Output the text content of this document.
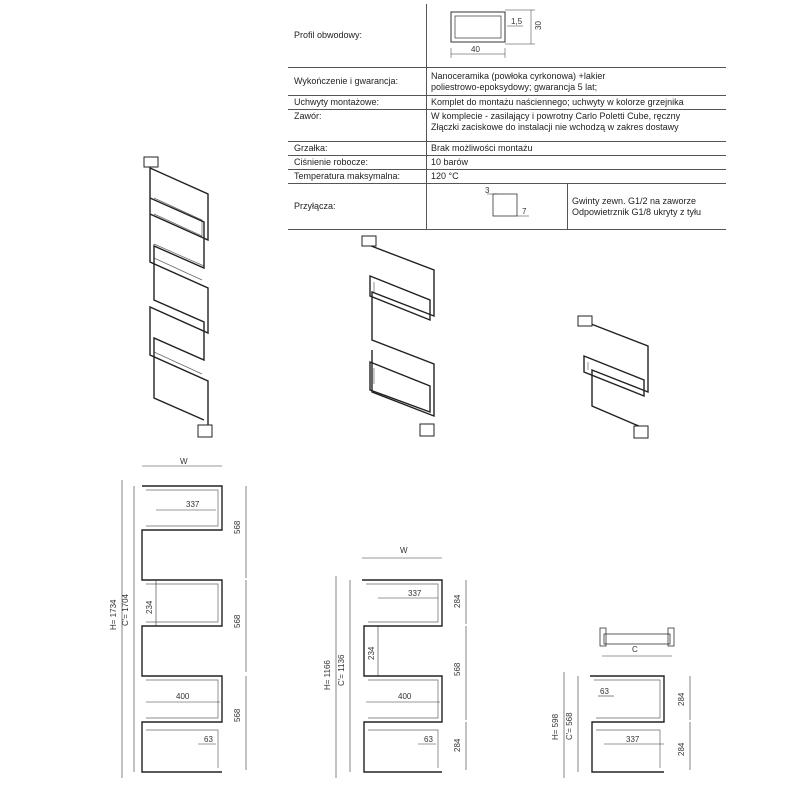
Profil obwodowy:	40
1,5 30	

Wykończenie i gwarancja:	Nanoceramika (powłoka cyrkonowa) +lakier
poliestrowo-epoksydowy; gwarancja 5 lat;	
Uchwyty montażowe:	Komplet do montażu naściennego; uchwyty w kolorze grzejnika	
Zawór:	W komplecie - zasilający i powrotny Carlo Poletti Cube, ręczny
Złączki zaciskowe do instalacji nie wchodzą w zakres dostawy	
Grzałka:	Brak możliwości montażu	
Ciśnienie robocze:	10 barów	
Temperatura maksymalna:	120 °C	
Przyłącza:	3
7	Gwinty zewn. G1/2 na zaworze
Odpowietrznik G1/8 ukryty z tyłu
W
337
568
234
568
400
568
63
H= 1734 C'= 1704
W
337
284
234
568
400
63	284
H= 1166 C'= 1136
C
63
284
337
284
H= 598 C'= 568
